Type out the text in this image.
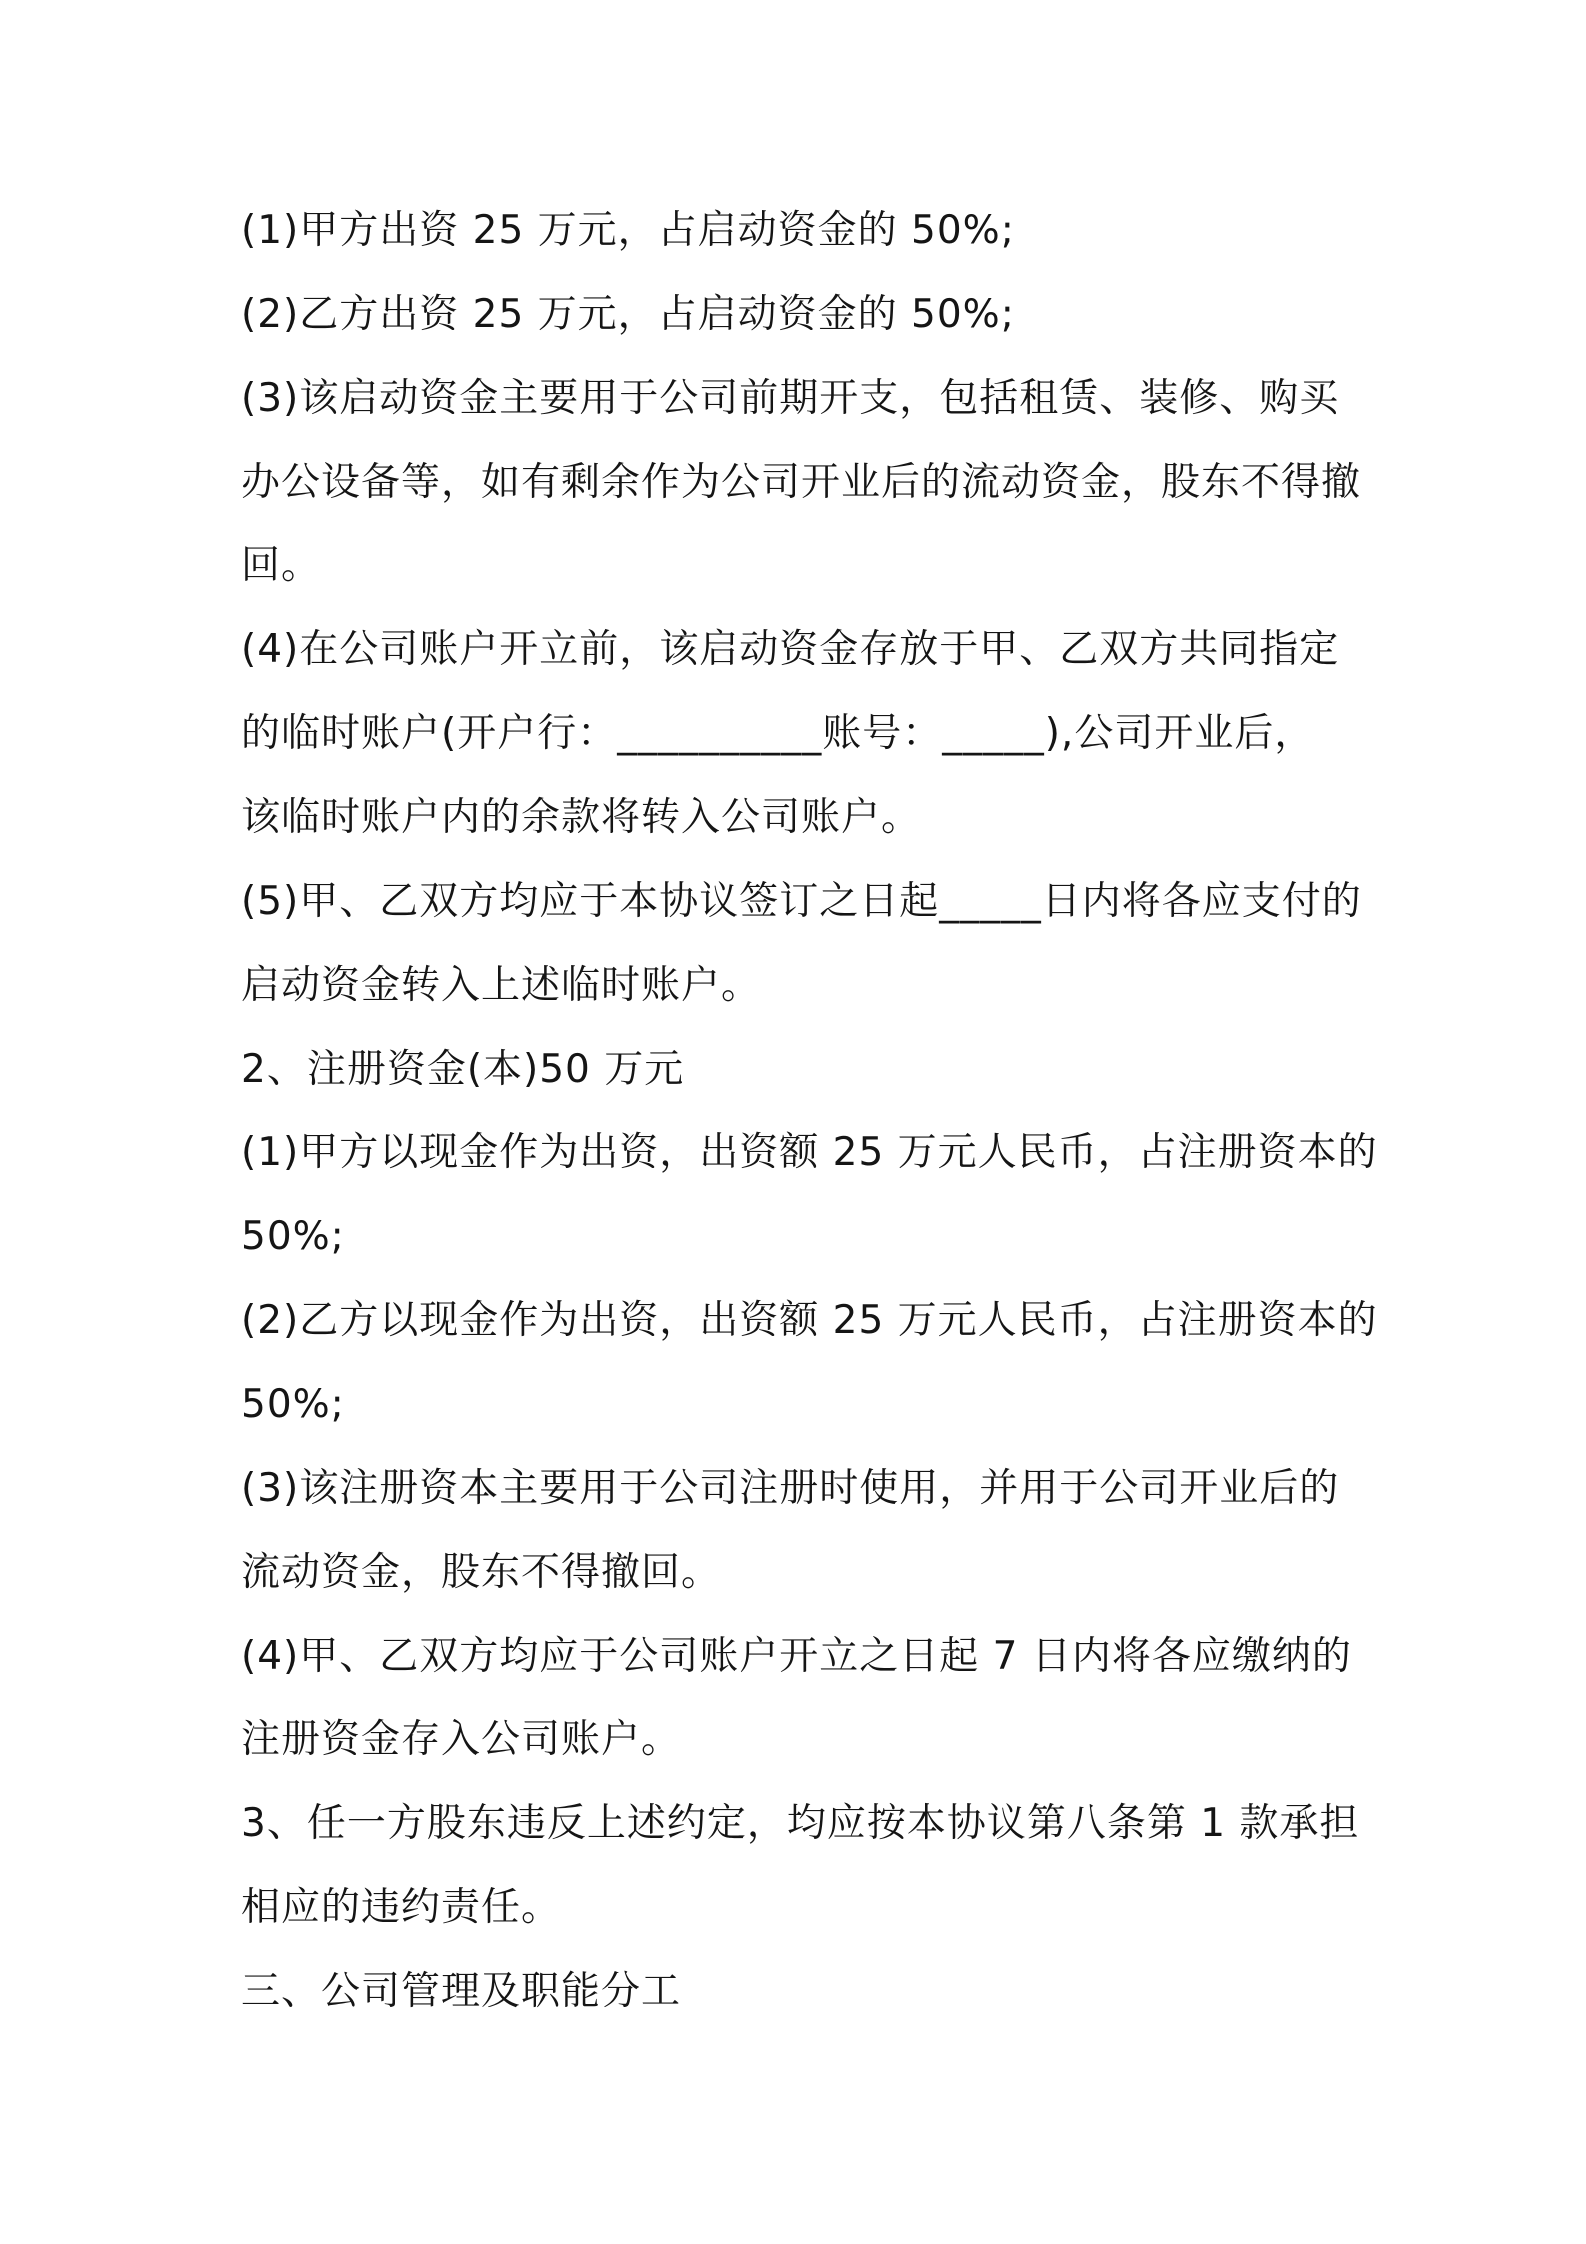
(1)甲方出资 25 万元，占启动资金的 50%;
(2)乙方出资 25 万元，占启动资金的 50%;
(3)该启动资金主要用于公司前期开支，包括租赁、装修、购买
办公设备等，如有剩余作为公司开业后的流动资金，股东不得撤
回。
(4)在公司账户开立前，该启动资金存放于甲、乙双方共同指定
的临时账户(开户行：__________账号：_____),公司开业后，
该临时账户内的余款将转入公司账户。
(5)甲、乙双方均应于本协议签订之日起_____日内将各应支付的
启动资金转入上述临时账户。
2、注册资金(本)50 万元
(1)甲方以现金作为出资，出资额 25 万元人民币，占注册资本的
50%;
(2)乙方以现金作为出资，出资额 25 万元人民币，占注册资本的
50%;
(3)该注册资本主要用于公司注册时使用，并用于公司开业后的
流动资金，股东不得撤回。
(4)甲、乙双方均应于公司账户开立之日起 7 日内将各应缴纳的
注册资金存入公司账户。
3、任一方股东违反上述约定，均应按本协议第八条第 1 款承担
相应的违约责任。
三、公司管理及职能分工
